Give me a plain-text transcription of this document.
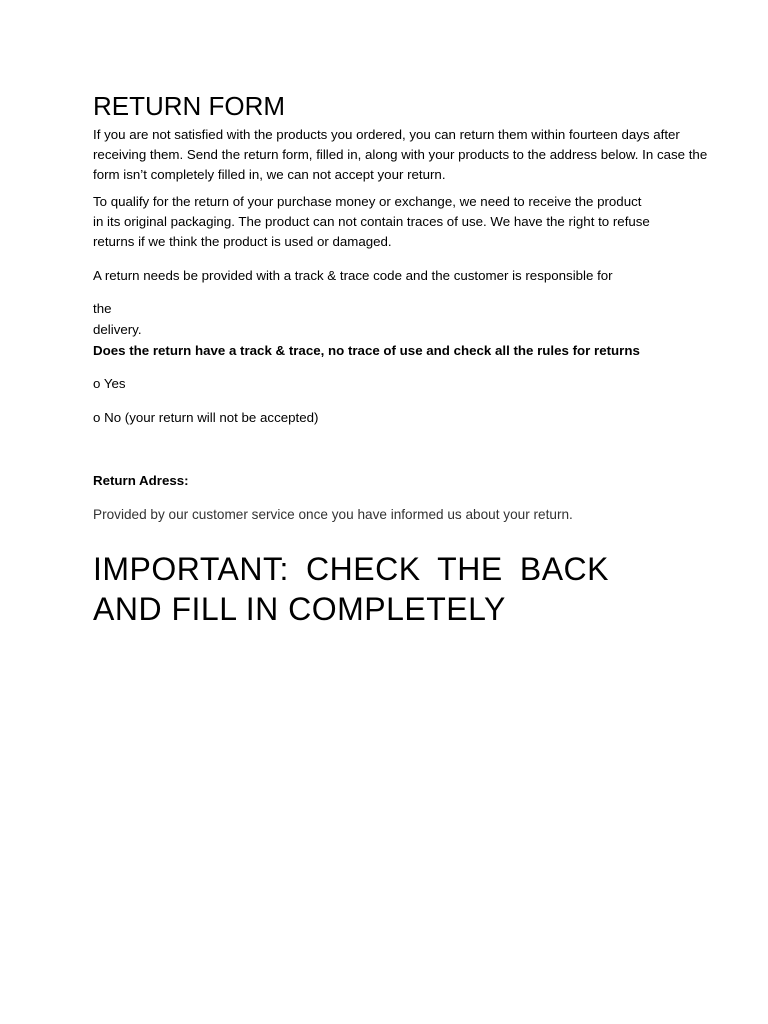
RETURN FORM

If you are not satisfied with the products you ordered, you can return them within fourteen days after receiving them. Send the return form, filled in, along with your products to the address below. In case the form isn’t completely filled in, we can not accept your return.

To qualify for the return of your purchase money or exchange, we need to receive the product in its original packaging. The product can not contain traces of use. We have the right to refuse returns if we think the product is used or damaged.

A return needs be provided with a track & trace code and the customer is responsible for

the
delivery.
Does the return have a track & trace, no trace of use and check all the rules for returns
o Yes
o No (your return will not be accepted)
Return Adress:
Provided by our customer service once you have informed us about your return.
IMPORTANT: CHECK THE BACK AND FILL IN COMPLETELY
